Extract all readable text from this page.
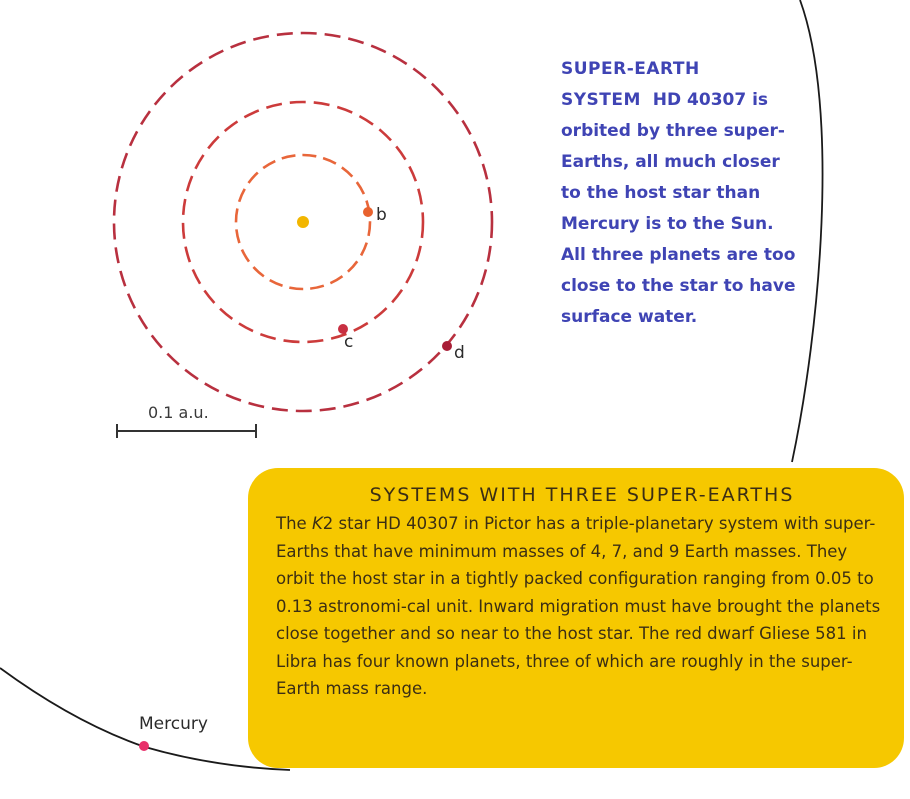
b
c
d
0.1 a.u.
Mercury
SUPER-EARTH
SYSTEM HD 40307 is
orbited by three super-
Earths, all much closer
to the host star than
Mercury is to the Sun.
All three planets are too
close to the star to have
surface water.
SYSTEMS WITH THREE SUPER-EARTHS

The K2 star HD 40307 in Pictor has a triple-planetary system with super-Earths that have minimum masses of 4, 7, and 9 Earth masses. They orbit the host star in a tightly packed configuration ranging from 0.05 to 0.13 astronomi-cal unit. Inward migration must have brought the planets close together and so near to the host star. The red dwarf Gliese 581 in Libra has four known planets, three of which are roughly in the super-Earth mass range.
